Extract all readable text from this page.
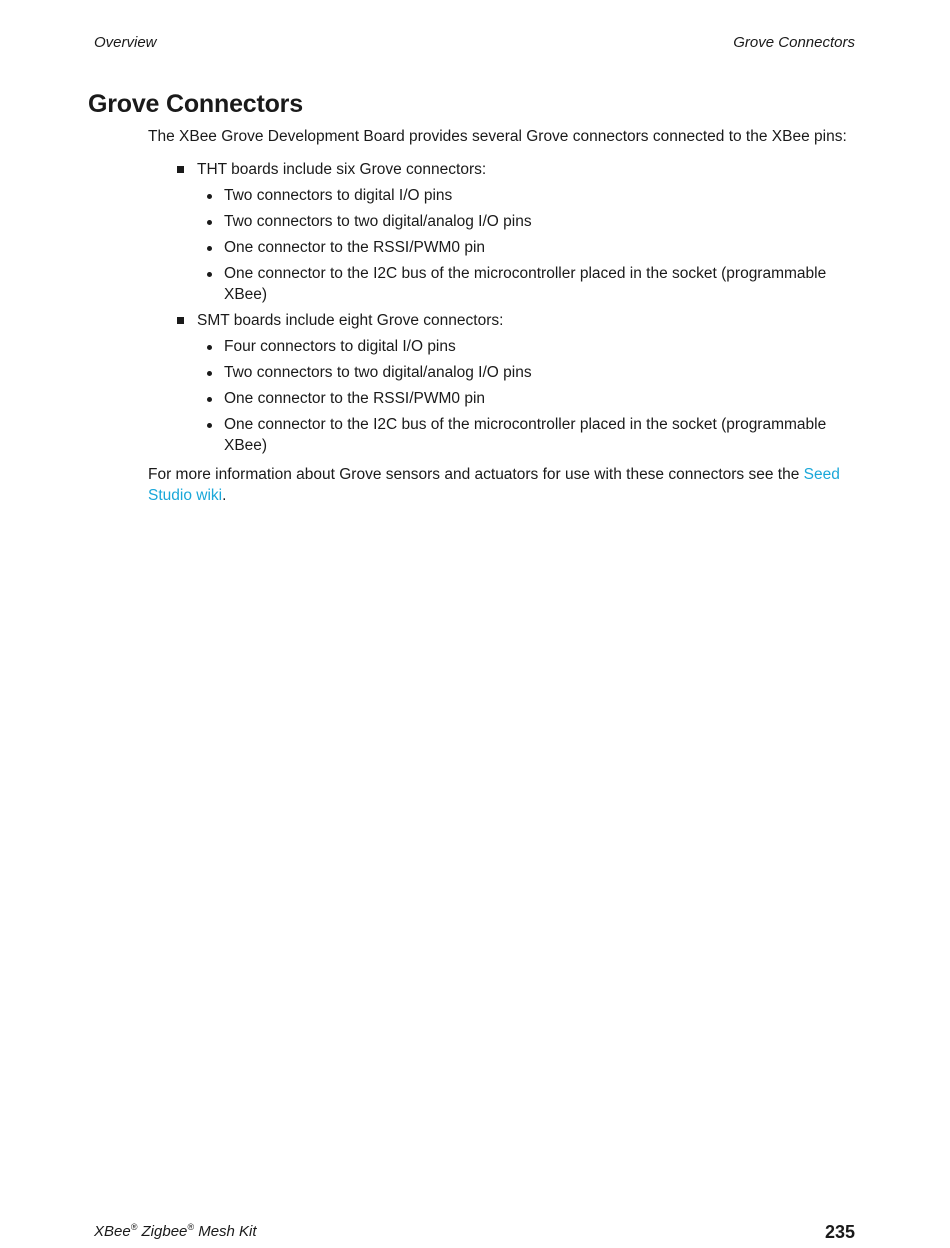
Overview	Grove Connectors
Grove Connectors

The XBee Grove Development Board provides several Grove connectors connected to the XBee pins:

THT boards include six Grove connectors:
Two connectors to digital I/O pins
Two connectors to two digital/analog I/O pins
One connector to the RSSI/PWM0 pin
One connector to the I2C bus of the microcontroller placed in the socket (programmable XBee)
SMT boards include eight Grove connectors:
Four connectors to digital I/O pins
Two connectors to two digital/analog I/O pins
One connector to the RSSI/PWM0 pin
One connector to the I2C bus of the microcontroller placed in the socket (programmable XBee)

For more information about Grove sensors and actuators for use with these connectors see the Seed Studio wiki.

XBee® Zigbee® Mesh Kit	235
